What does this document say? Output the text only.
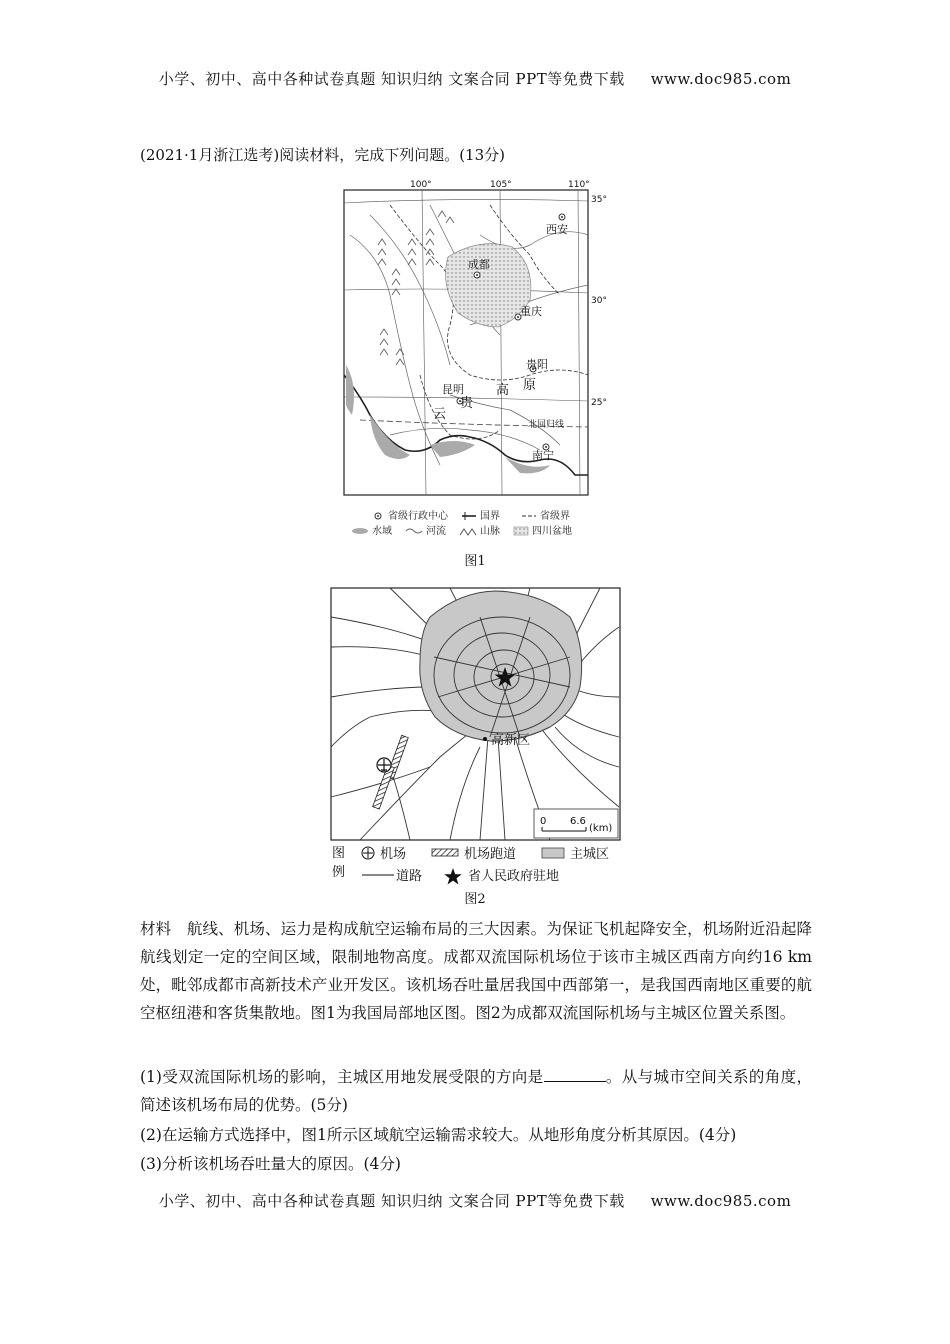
小学、初中、高中各种试卷真题 知识归纳 文案合同 PPT等免费下载 www.doc985.com
(2021·1月浙江选考)阅读材料，完成下列问题。(13分)
100°	105°	110°
35°
30°
25°
北回归线
西安
成都
重庆
贵阳
昆明
南宁
高 原
贵
云
省级行政中心	国界	省级界
水域	河流	山脉	四川盆地
图1
高新区
0 6.6
(km)
图
例
机场	机场跑道	主城区
道路	省人民政府驻地
图2
材料　航线、机场、运力是构成航空运输布局的三大因素。为保证飞机起降安全，机场附近沿起降航线划定一定的空间区域，限制地物高度。成都双流国际机场位于该市主城区西南方向约16 km处，毗邻成都市高新技术产业开发区。该机场吞吐量居我国中西部第一，是我国西南地区重要的航空枢纽港和客货集散地。图1为我国局部地区图。图2为成都双流国际机场与主城区位置关系图。
(1)受双流国际机场的影响，主城区用地发展受限的方向是	。从与城市空间关系的角度，简述该机场布局的优势。(5分)
(2)在运输方式选择中，图1所示区域航空运输需求较大。从地形角度分析其原因。(4分)
(3)分析该机场吞吐量大的原因。(4分)
小学、初中、高中各种试卷真题 知识归纳 文案合同 PPT等免费下载 www.doc985.com
